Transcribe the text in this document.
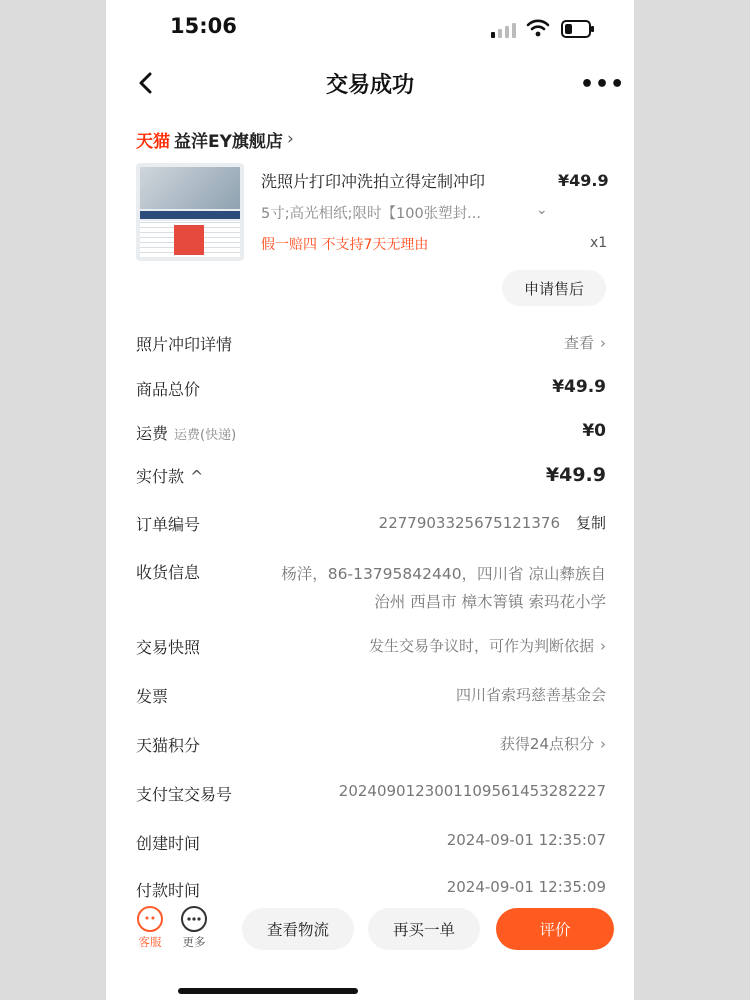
15:06
交易成功	•••
天猫 益洋EY旗舰店 ›
洗照片打印冲洗拍立得定制冲印	¥49.9
5寸;高光相纸;限时【100张塑封...	⌄
假一赔四 不支持7天无理由	x1
申请售后
照片冲印详情	查看 ›
商品总价	¥49.9
运费 运费(快递)	¥0
实付款 ^	¥49.9
订单编号	2277903325675121376 复制
收货信息	杨洋，86-13795842440，四川省 凉山彝族自治州 西昌市 樟木箐镇 索玛花小学
交易快照	发生交易争议时，可作为判断依据 ›
发票	四川省索玛慈善基金会
天猫积分	获得24点积分 ›
支付宝交易号	2024090123001109561453282227
创建时间	2024-09-01 12:35:07
付款时间	2024-09-01 12:35:09
客服	更多
查看物流	再买一单	评价
